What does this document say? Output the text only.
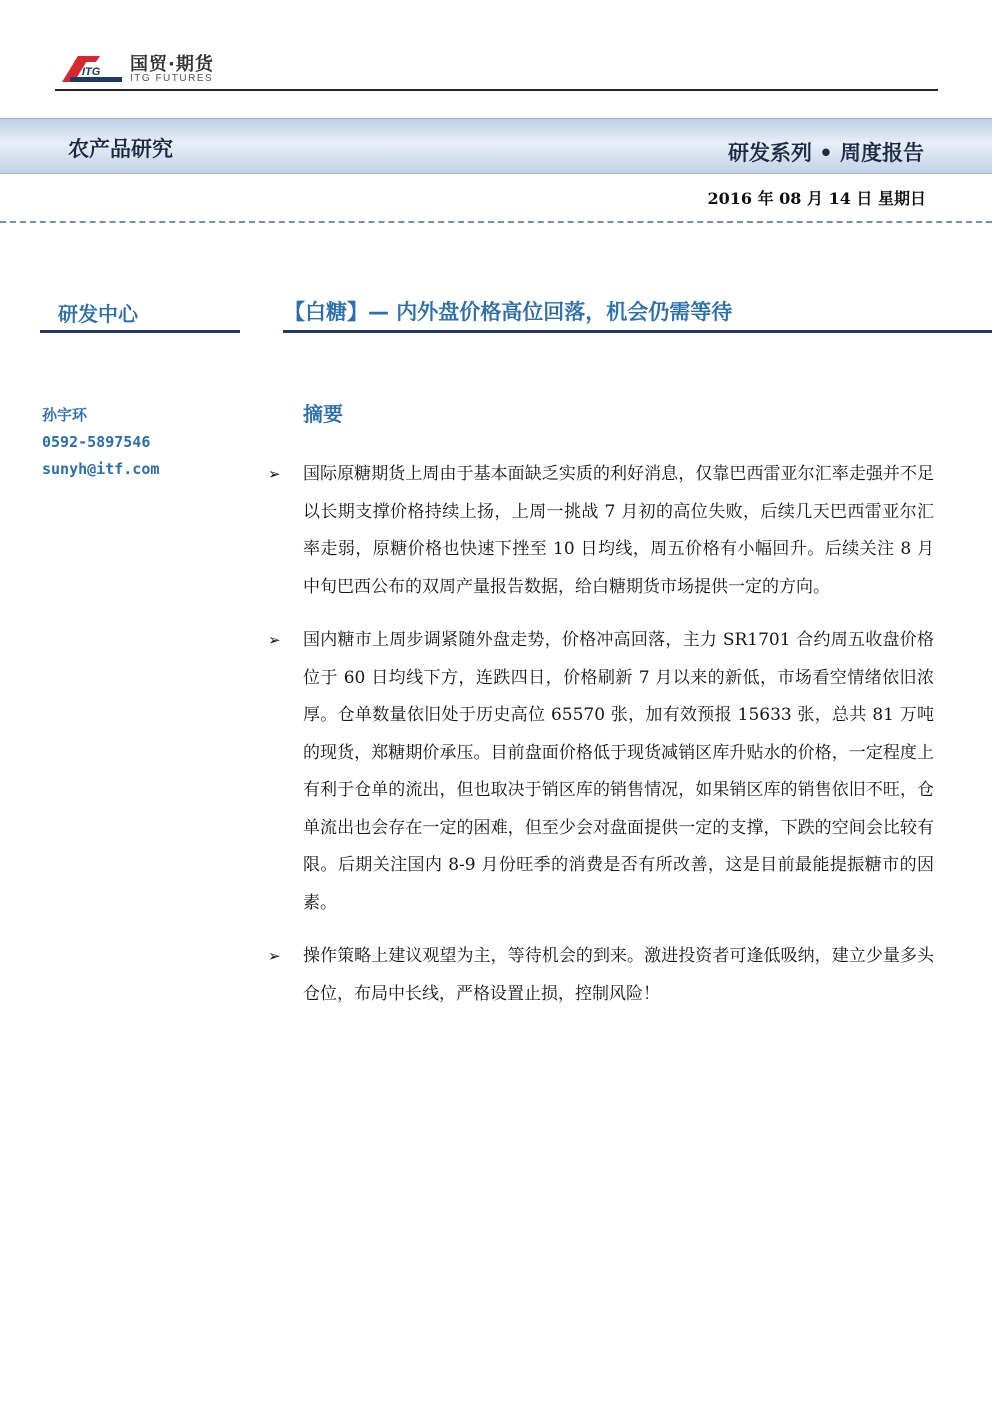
ITG 国贸·期货
ITG FUTURES
农产品研究	研发系列 • 周度报告
2016 年 08 月 14 日 星期日
研发中心	【白糖】— 内外盘价格高位回落，机会仍需等待
孙宇环
0592-5897546
sunyh@itf.com
摘要
➢ 国际原糖期货上周由于基本面缺乏实质的利好消息，仅靠巴西雷亚尔汇率走强并不足以长期支撑价格持续上扬，上周一挑战 7 月初的高位失败，后续几天巴西雷亚尔汇率走弱，原糖价格也快速下挫至 10 日均线，周五价格有小幅回升。后续关注 8 月中旬巴西公布的双周产量报告数据，给白糖期货市场提供一定的方向。
➢ 国内糖市上周步调紧随外盘走势，价格冲高回落，主力 SR1701 合约周五收盘价格位于 60 日均线下方，连跌四日，价格刷新 7 月以来的新低，市场看空情绪依旧浓厚。仓单数量依旧处于历史高位 65570 张，加有效预报 15633 张，总共 81 万吨的现货，郑糖期价承压。目前盘面价格低于现货减销区库升贴水的价格，一定程度上有利于仓单的流出，但也取决于销区库的销售情况，如果销区库的销售依旧不旺，仓单流出也会存在一定的困难，但至少会对盘面提供一定的支撑，下跌的空间会比较有限。后期关注国内 8-9 月份旺季的消费是否有所改善，这是目前最能提振糖市的因素。
➢ 操作策略上建议观望为主，等待机会的到来。激进投资者可逢低吸纳，建立少量多头仓位，布局中长线，严格设置止损，控制风险！
